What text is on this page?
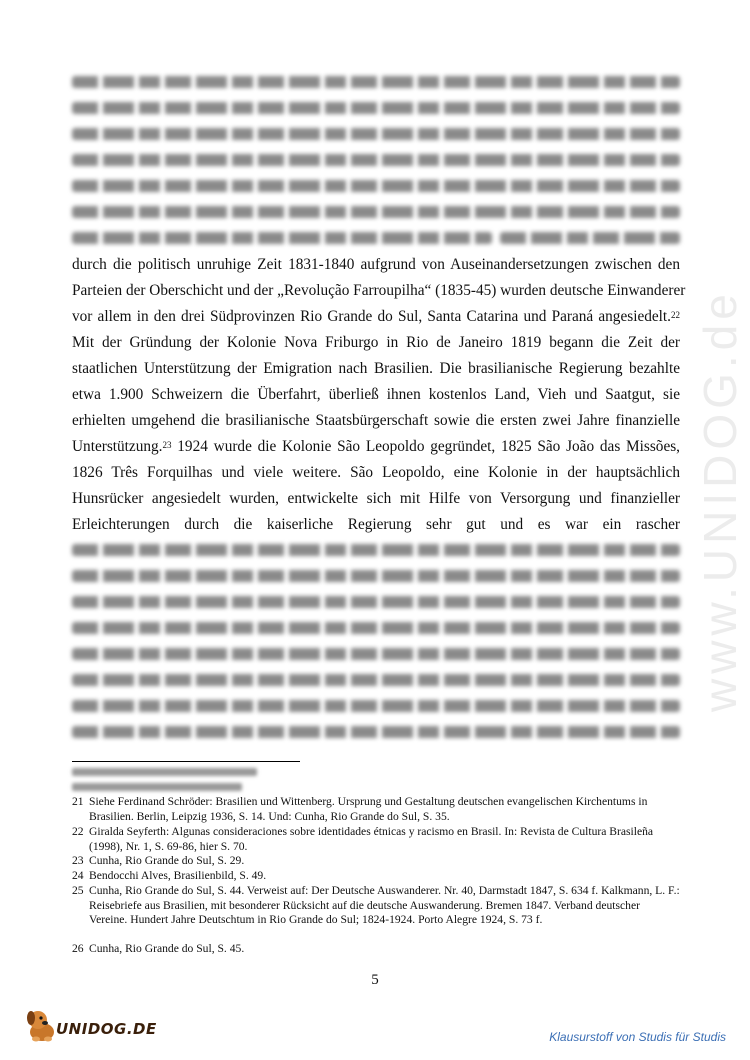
www.UNIDOG.de
durch die politisch unruhige Zeit 1831-1840 aufgrund von Auseinandersetzungen zwischen den
Parteien der Oberschicht und der „Revolução Farroupilha“ (1835-45) wurden deutsche Einwanderer
vor allem in den drei Südprovinzen Rio Grande do Sul, Santa Catarina und Paraná angesiedelt.$^{22}$
Mit der Gründung der Kolonie Nova Friburgo in Rio de Janeiro 1819 begann die Zeit der
staatlichen Unterstützung der Emigration nach Brasilien. Die brasilianische Regierung bezahlte
etwa 1.900 Schweizern die Überfahrt, überließ ihnen kostenlos Land, Vieh und Saatgut, sie
erhielten umgehend die brasilianische Staatsbürgerschaft sowie die ersten zwei Jahre finanzielle
Unterstützung.$^{23}$ 1924 wurde die Kolonie São Leopoldo gegründet, 1825 São João das Missões,
1826 Três Forquilhas und viele weitere. São Leopoldo, eine Kolonie in der hauptsächlich
Hunsrücker angesiedelt wurden, entwickelte sich mit Hilfe von Versorgung und finanzieller
Erleichterungen durch die kaiserliche Regierung sehr gut und es war ein rascher
21 Siehe Ferdinand Schröder: Brasilien und Wittenberg. Ursprung und Gestaltung deutschen evangelischen Kirchentums in Brasilien. Berlin, Leipzig 1936, S. 14. Und: Cunha, Rio Grande do Sul, S. 35.
22 Giralda Seyferth: Algunas consideraciones sobre identidades étnicas y racismo en Brasil. In: Revista de Cultura Brasileña (1998), Nr. 1, S. 69-86, hier S. 70.
23 Cunha, Rio Grande do Sul, S. 29.
24 Bendocchi Alves, Brasilienbild, S. 49.
25 Cunha, Rio Grande do Sul, S. 44. Verweist auf: Der Deutsche Auswanderer. Nr. 40, Darmstadt 1847, S. 634 f. Kalkmann, L. F.: Reisebriefe aus Brasilien, mit besonderer Rücksicht auf die deutsche Auswanderung. Bremen 1847. Verband deutscher Vereine. Hundert Jahre Deutschtum in Rio Grande do Sul; 1824-1924. Porto Alegre 1924, S. 73 f.
26 Cunha, Rio Grande do Sul, S. 45.
5
UNIDOG.DE	Klausurstoff von Studis für Studis
